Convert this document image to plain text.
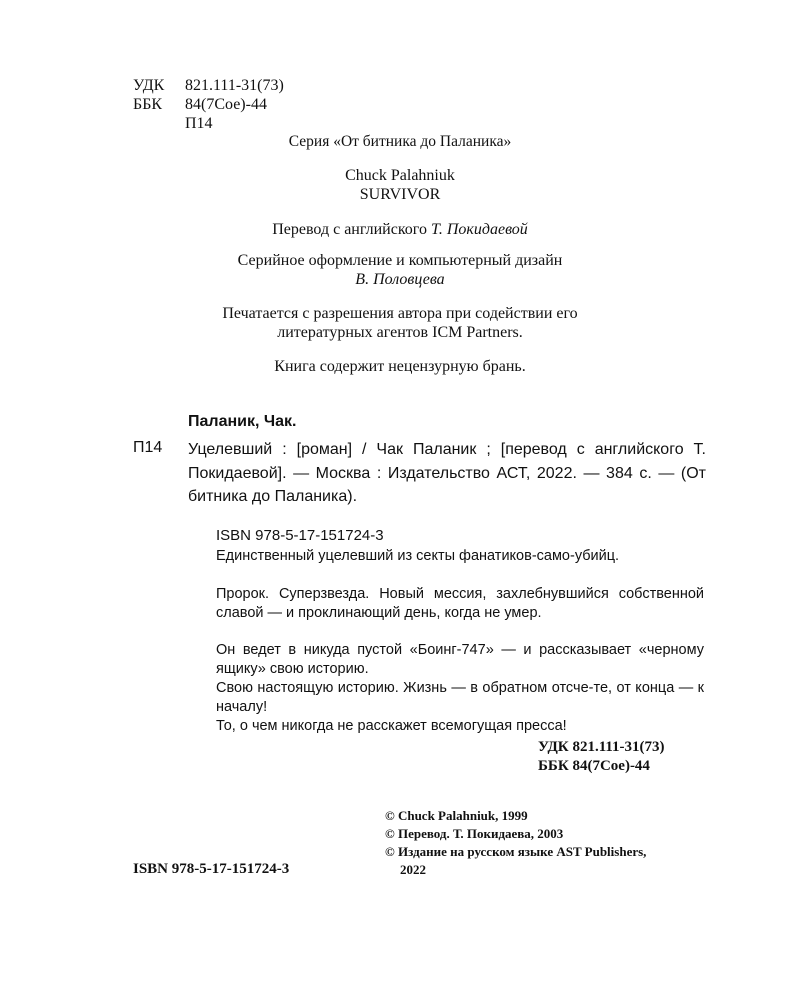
УДК 821.111-31(73)
ББК 84(7Сое)-44
П14
Серия «От битника до Паланика»
Chuck Palahniuk
SURVIVOR
Перевод с английского Т. Покидаевой
Серийное оформление и компьютерный дизайн
В. Половцева
Печатается с разрешения автора при содействии его
литературных агентов ICM Partners.
Книга содержит нецензурную брань.
Паланик, Чак.
П14 Уцелевший : [роман] / Чак Паланик ; [перевод с английского Т. Покидаевой]. — Москва : Издательство АСТ, 2022. — 384 с. — (От битника до Паланика).
ISBN 978-5-17-151724-3

Единственный уцелевший из секты фанатиков-само-убийц.

Пророк. Суперзвезда. Новый мессия, захлебнувшийся собственной славой — и проклинающий день, когда не умер.

Он ведет в никуда пустой «Боинг-747» — и рассказывает «черному ящику» свою историю.

Свою настоящую историю. Жизнь — в обратном отсче-те, от конца — к началу!

То, о чем никогда не расскажет всемогущая пресса!

УДК 821.111-31(73)
ББК 84(7Сое)-44
© Chuck Palahniuk, 1999
© Перевод. Т. Покидаева, 2003
© Издание на русском языке AST Publishers,
2022
ISBN 978-5-17-151724-3
